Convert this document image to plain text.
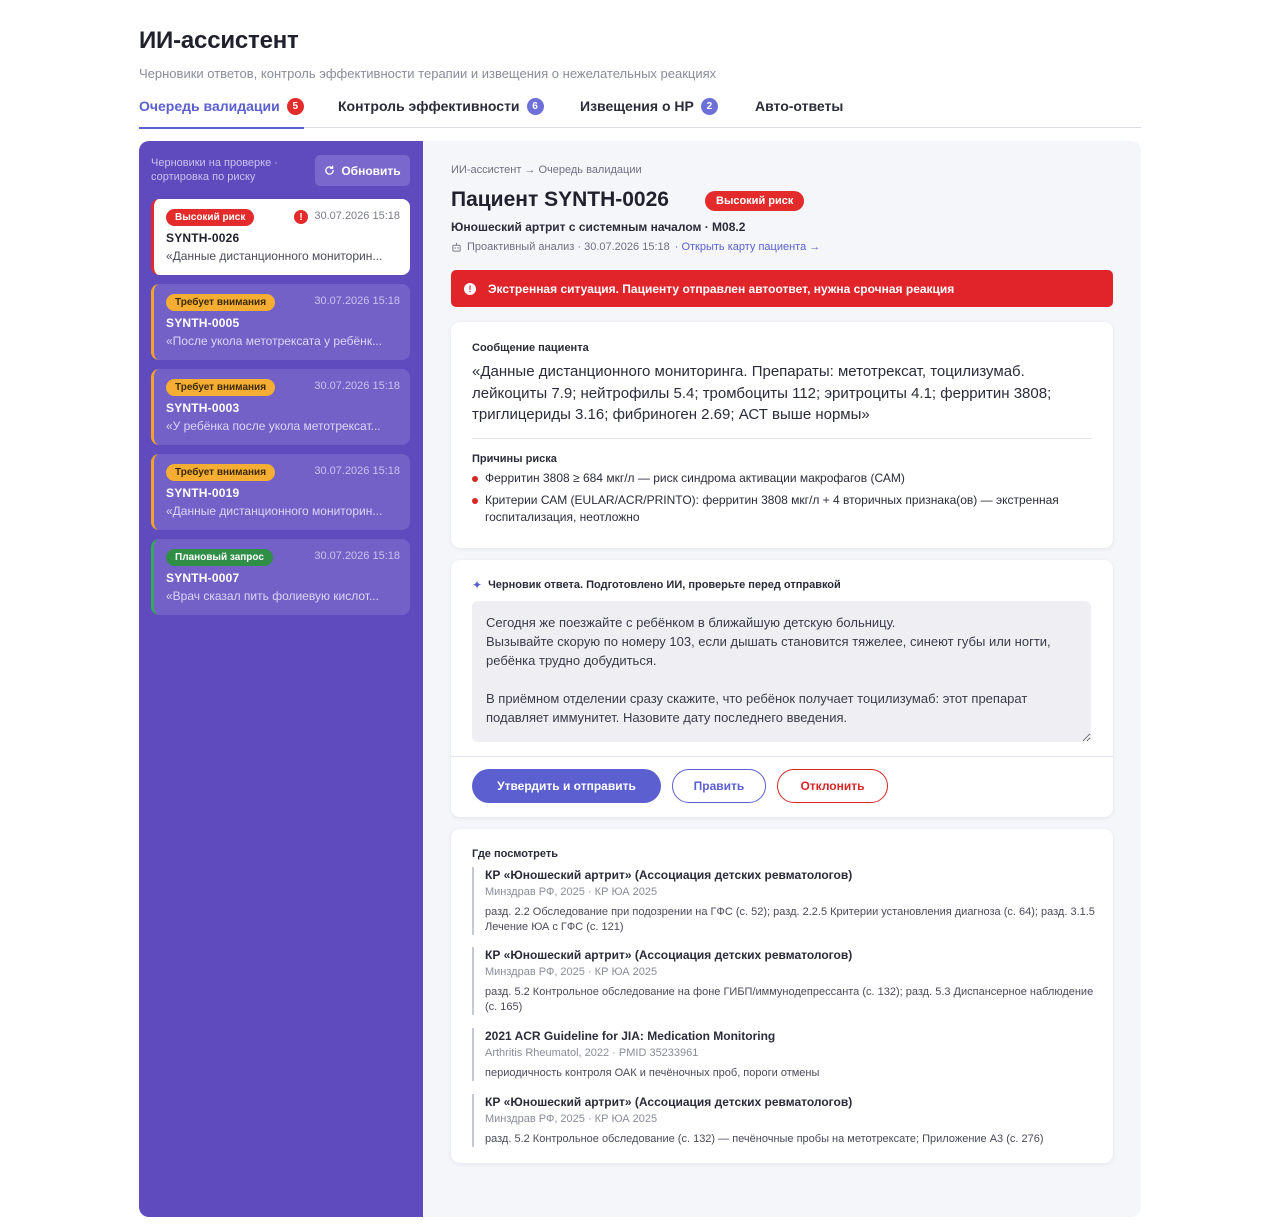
ИИ-ассистент
Черновики ответов, контроль эффективности терапии и извещения о нежелательных реакциях
Очередь валидации	5	Контроль эффективности	6	Извещения о НР	2	Авто-ответы
Черновики на проверке · сортировка по риску	Обновить
Высокий риск	!	30.07.2026 15:18
SYNTH-0026
«Данные дистанционного мониторин...
Требует внимания	30.07.2026 15:18
SYNTH-0005
«После укола метотрексата у ребёнк...
Требует внимания	30.07.2026 15:18
SYNTH-0003
«У ребёнка после укола метотрексат...
Требует внимания	30.07.2026 15:18
SYNTH-0019
«Данные дистанционного мониторин...
Плановый запрос	30.07.2026 15:18
SYNTH-0007
«Врач сказал пить фолиевую кислот...
ИИ-ассистент → Очередь валидации
Пациент SYNTH-0026	Высокий риск
Юношеский артрит с системным началом · M08.2
Проактивный анализ · 30.07.2026 15:18 · Открыть карту пациента →
!	Экстренная ситуация. Пациенту отправлен автоответ, нужна срочная реакция
Сообщение пациента
«Данные дистанционного мониторинга. Препараты: метотрексат, тоцилизумаб. лейкоциты 7.9; нейтрофилы 5.4; тромбоциты 112; эритроциты 4.1; ферритин 3808; триглицериды 3.16; фибриноген 2.69; АСТ выше нормы»
Причины риска
Ферритин 3808 ≥ 684 мкг/л — риск синдрома активации макрофагов (САМ)
Критерии САМ (EULAR/ACR/PRINTO): ферритин 3808 мкг/л + 4 вторичных признака(ов) — экстренная госпитализация, неотложно
✦ Черновик ответа. Подготовлено ИИ, проверьте перед отправкой
Сегодня же поезжайте с ребёнком в ближайшую детскую больницу. Вызывайте скорую по номеру 103, если дышать становится тяжелее, синеют губы или ногти, ребёнка трудно добудиться. В приёмном отделении сразу скажите, что ребёнок получает тоцилизумаб: этот препарат подавляет иммунитет. Назовите дату последнего введения.
Утвердить и отправить	Править	Отклонить
Где посмотреть
КР «Юношеский артрит» (Ассоциация детских ревматологов)
Минздрав РФ, 2025 · КР ЮА 2025
разд. 2.2 Обследование при подозрении на ГФС (с. 52); разд. 2.2.5 Критерии установления диагноза (с. 64); разд. 3.1.5 Лечение ЮА с ГФС (с. 121)
КР «Юношеский артрит» (Ассоциация детских ревматологов)
Минздрав РФ, 2025 · КР ЮА 2025
разд. 5.2 Контрольное обследование на фоне ГИБП/иммунодепрессанта (с. 132); разд. 5.3 Диспансерное наблюдение (с. 165)
2021 ACR Guideline for JIA: Medication Monitoring
Arthritis Rheumatol, 2022 · PMID 35233961
периодичность контроля ОАК и печёночных проб, пороги отмены
КР «Юношеский артрит» (Ассоциация детских ревматологов)
Минздрав РФ, 2025 · КР ЮА 2025
разд. 5.2 Контрольное обследование (с. 132) — печёночные пробы на метотрексате; Приложение А3 (с. 276)
